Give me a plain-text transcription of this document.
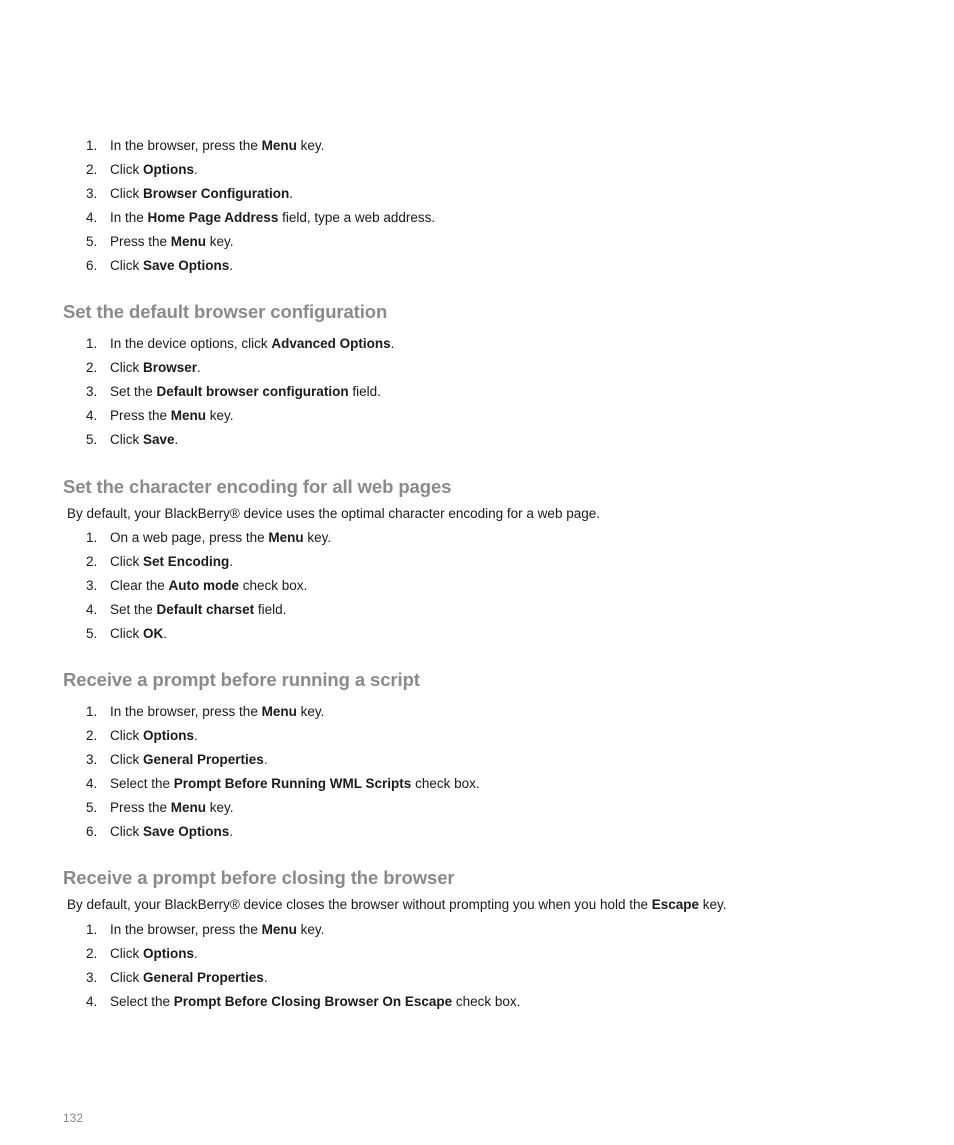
1. In the browser, press the Menu key.
2. Click Options.
3. Click Browser Configuration.
4. In the Home Page Address field, type a web address.
5. Press the Menu key.
6. Click Save Options.
Set the default browser configuration
1. In the device options, click Advanced Options.
2. Click Browser.
3. Set the Default browser configuration field.
4. Press the Menu key.
5. Click Save.
Set the character encoding for all web pages

By default, your BlackBerry® device uses the optimal character encoding for a web page.

1. On a web page, press the Menu key.
2. Click Set Encoding.
3. Clear the Auto mode check box.
4. Set the Default charset field.
5. Click OK.
Receive a prompt before running a script
1. In the browser, press the Menu key.
2. Click Options.
3. Click General Properties.
4. Select the Prompt Before Running WML Scripts check box.
5. Press the Menu key.
6. Click Save Options.
Receive a prompt before closing the browser

By default, your BlackBerry® device closes the browser without prompting you when you hold the Escape key.

1. In the browser, press the Menu key.
2. Click Options.
3. Click General Properties.
4. Select the Prompt Before Closing Browser On Escape check box.
132
